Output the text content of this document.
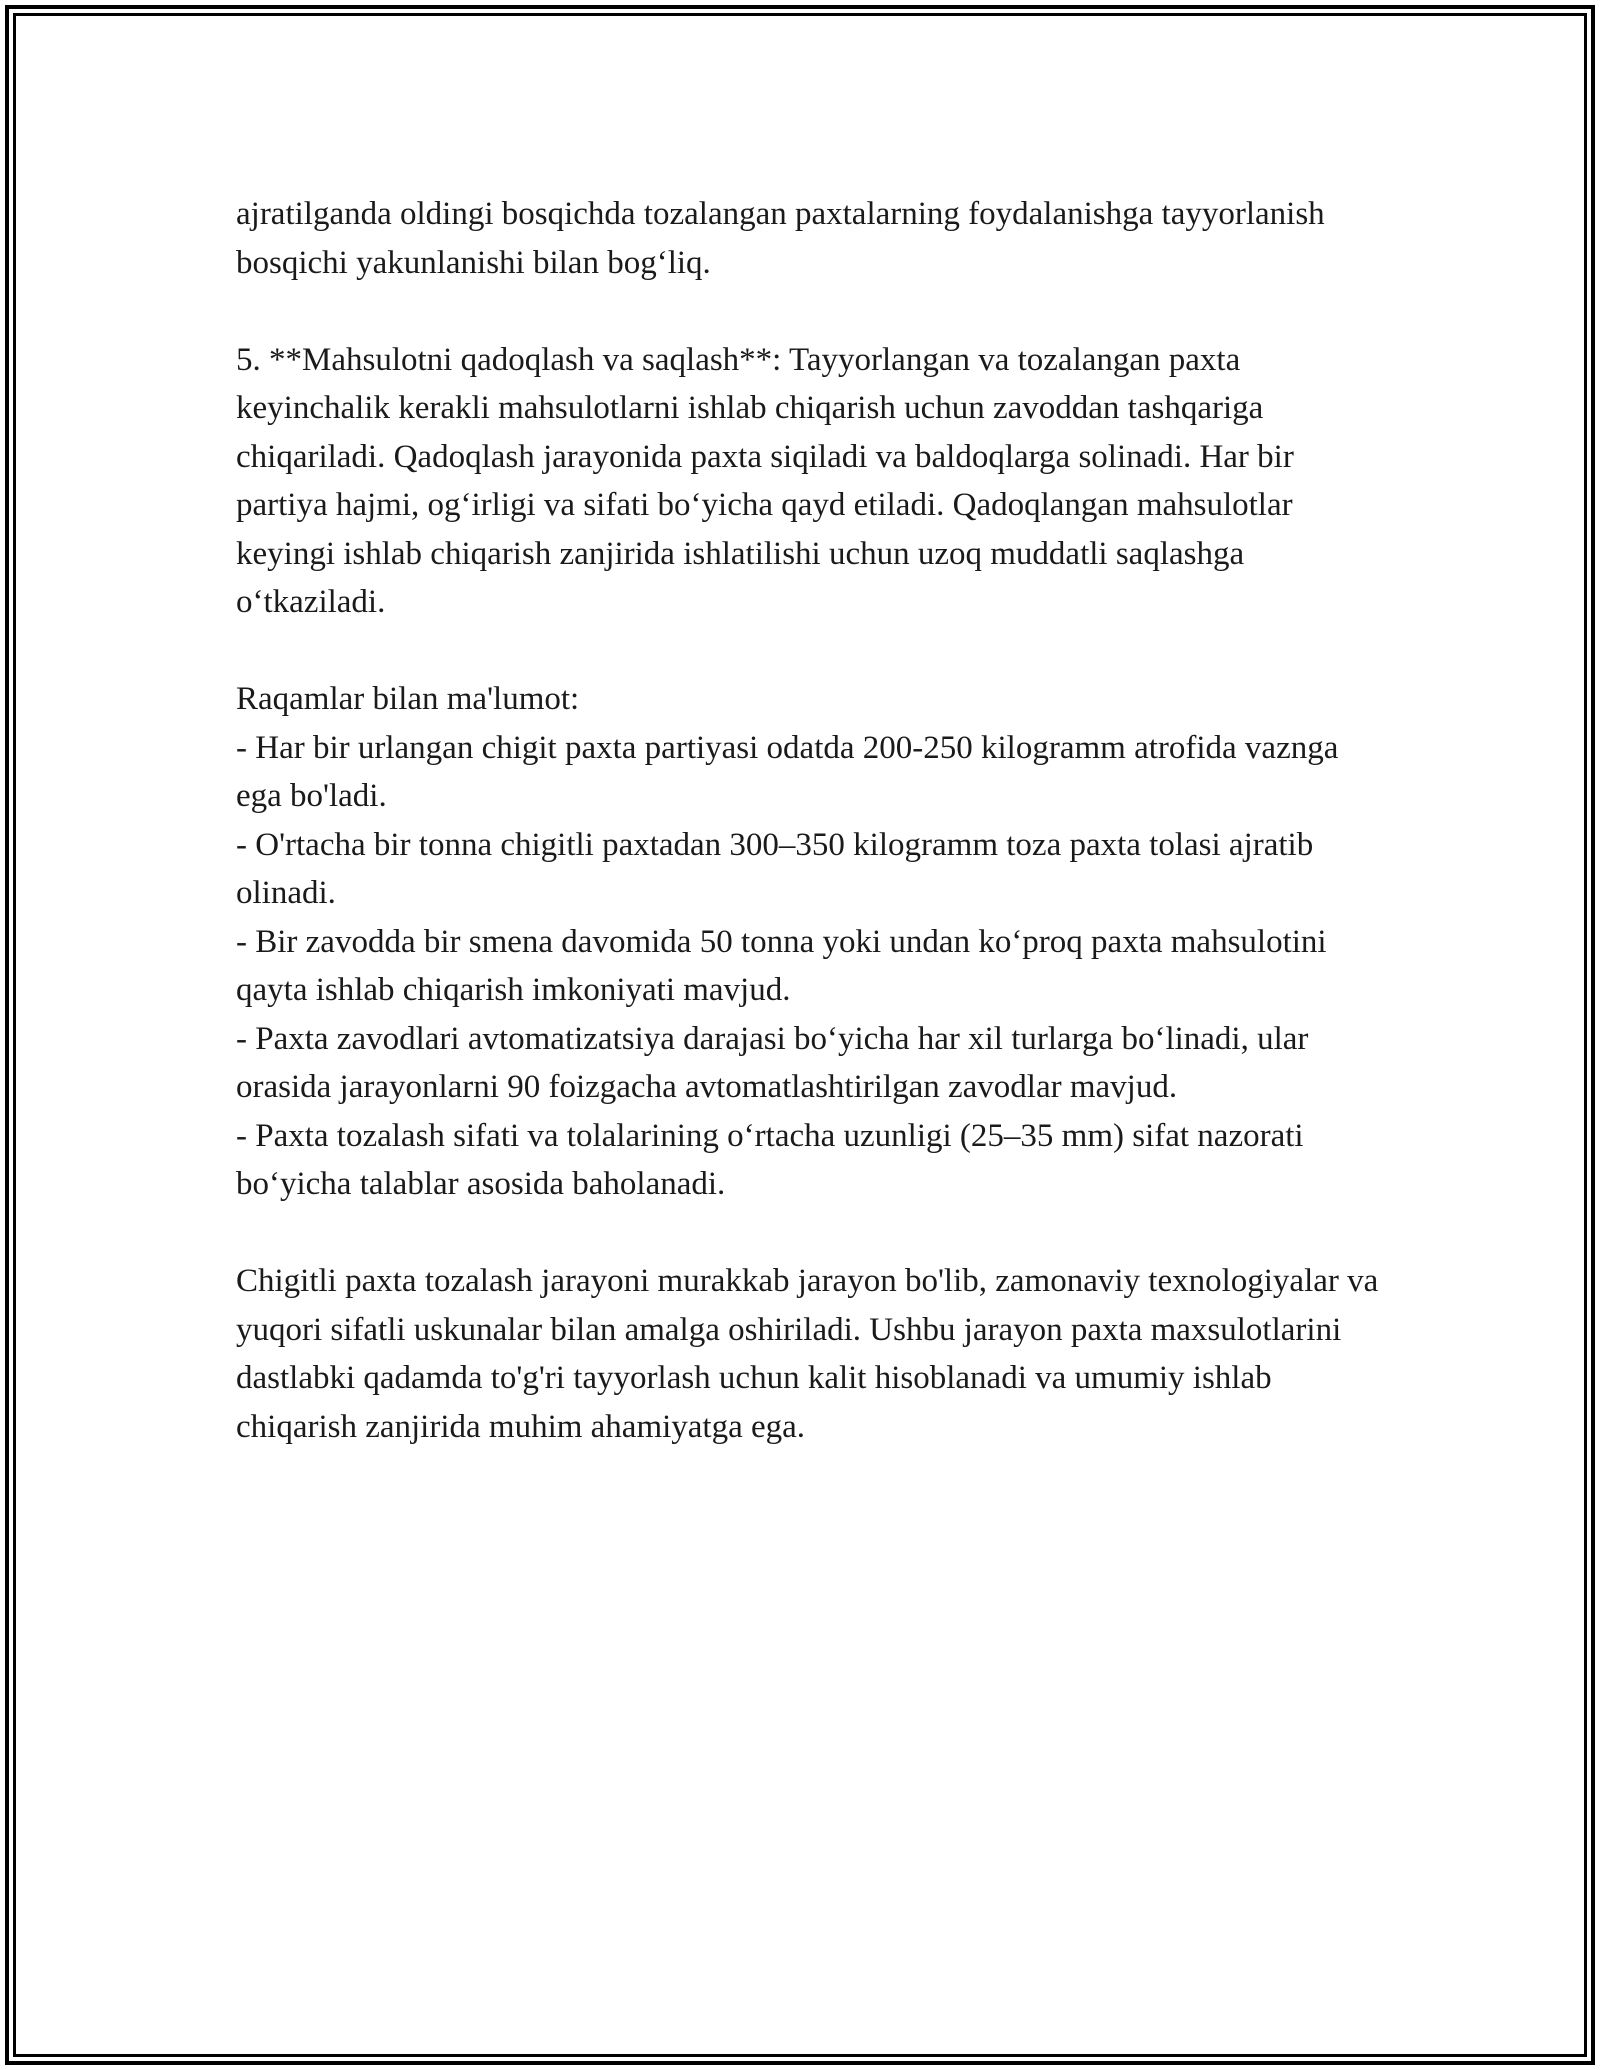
ajratilganda oldingi bosqichda tozalangan paxtalarning foydalanishga tayyorlanish bosqichi yakunlanishi bilan bog‘liq.

5. **Mahsulotni qadoqlash va saqlash**: Tayyorlangan va tozalangan paxta keyinchalik kerakli mahsulotlarni ishlab chiqarish uchun zavoddan tashqariga chiqariladi. Qadoqlash jarayonida paxta siqiladi va baldoqlarga solinadi. Har bir partiya hajmi, og‘irligi va sifati bo‘yicha qayd etiladi. Qadoqlangan mahsulotlar keyingi ishlab chiqarish zanjirida ishlatilishi uchun uzoq muddatli saqlashga o‘tkaziladi.

Raqamlar bilan ma'lumot:
- Har bir urlangan chigit paxta partiyasi odatda 200-250 kilogramm atrofida vaznga ega bo'ladi.
- O'rtacha bir tonna chigitli paxtadan 300–350 kilogramm toza paxta tolasi ajratib olinadi.
- Bir zavodda bir smena davomida 50 tonna yoki undan ko‘proq paxta mahsulotini qayta ishlab chiqarish imkoniyati mavjud.
- Paxta zavodlari avtomatizatsiya darajasi bo‘yicha har xil turlarga bo‘linadi, ular orasida jarayonlarni 90 foizgacha avtomatlashtirilgan zavodlar mavjud.
- Paxta tozalash sifati va tolalarining o‘rtacha uzunligi (25–35 mm) sifat nazorati bo‘yicha talablar asosida baholanadi.

Chigitli paxta tozalash jarayoni murakkab jarayon bo'lib, zamonaviy texnologiyalar va yuqori sifatli uskunalar bilan amalga oshiriladi. Ushbu jarayon paxta maxsulotlarini dastlabki qadamda to'g'ri tayyorlash uchun kalit hisoblanadi va umumiy ishlab chiqarish zanjirida muhim ahamiyatga ega.
